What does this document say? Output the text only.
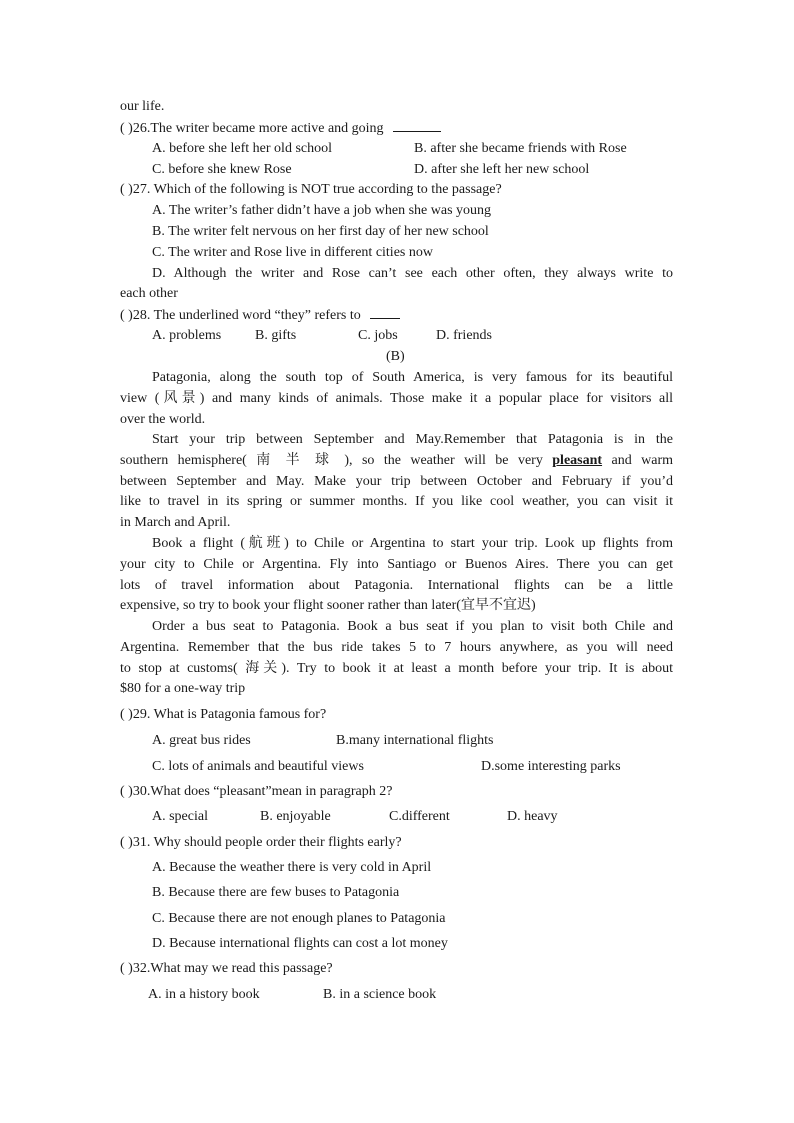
our life.
( )26.The writer became more active and going
A. before she left her old school	B. after she became friends with Rose
C. before she knew Rose	D. after she left her new school
( )27. Which of the following is NOT true according to the passage?
A. The writer’s father didn’t have a job when she was young
B. The writer felt nervous on her first day of her new school
C. The writer and Rose live in different cities now
D. Although the writer and Rose can’t see each other often, they always write to
each other
( )28. The underlined word “they” refers to
A. problems B. gifts	C. jobs	D. friends
(B)
Patagonia, along the south top of South America, is very famous for its beautiful
view (风景) and many kinds of animals. Those make it a popular place for visitors all
over the world.
Start your trip between September and May.Remember that Patagonia is in the
southern hemisphere( 南 半 球 ), so the weather will be very pleasant and warm
between September and May. Make your trip between October and February if you’d
like to travel in its spring or summer months. If you like cool weather, you can visit it
in March and April.
Book a flight (航班) to Chile or Argentina to start your trip. Look up flights from
your city to Chile or Argentina. Fly into Santiago or Buenos Aires. There you can get
lots of travel information about Patagonia. International flights can be a little
expensive, so try to book your flight sooner rather than later(宜早不宜迟)
Order a bus seat to Patagonia. Book a bus seat if you plan to visit both Chile and
Argentina. Remember that the bus ride takes 5 to 7 hours anywhere, as you will need
to stop at customs( 海关). Try to book it at least a month before your trip. It is about
$80 for a one-way trip
( )29. What is Patagonia famous for?
A. great bus rides	B.many international flights
C. lots of animals and beautiful views	D.some interesting parks
( )30.What does “pleasant”mean in paragraph 2?
A. special	B. enjoyable	C.different	D. heavy
( )31. Why should people order their flights early?
A. Because the weather there is very cold in April
B. Because there are few buses to Patagonia
C. Because there are not enough planes to Patagonia
D. Because international flights can cost a lot money
( )32.What may we read this passage?
A. in a history book	B. in a science book
